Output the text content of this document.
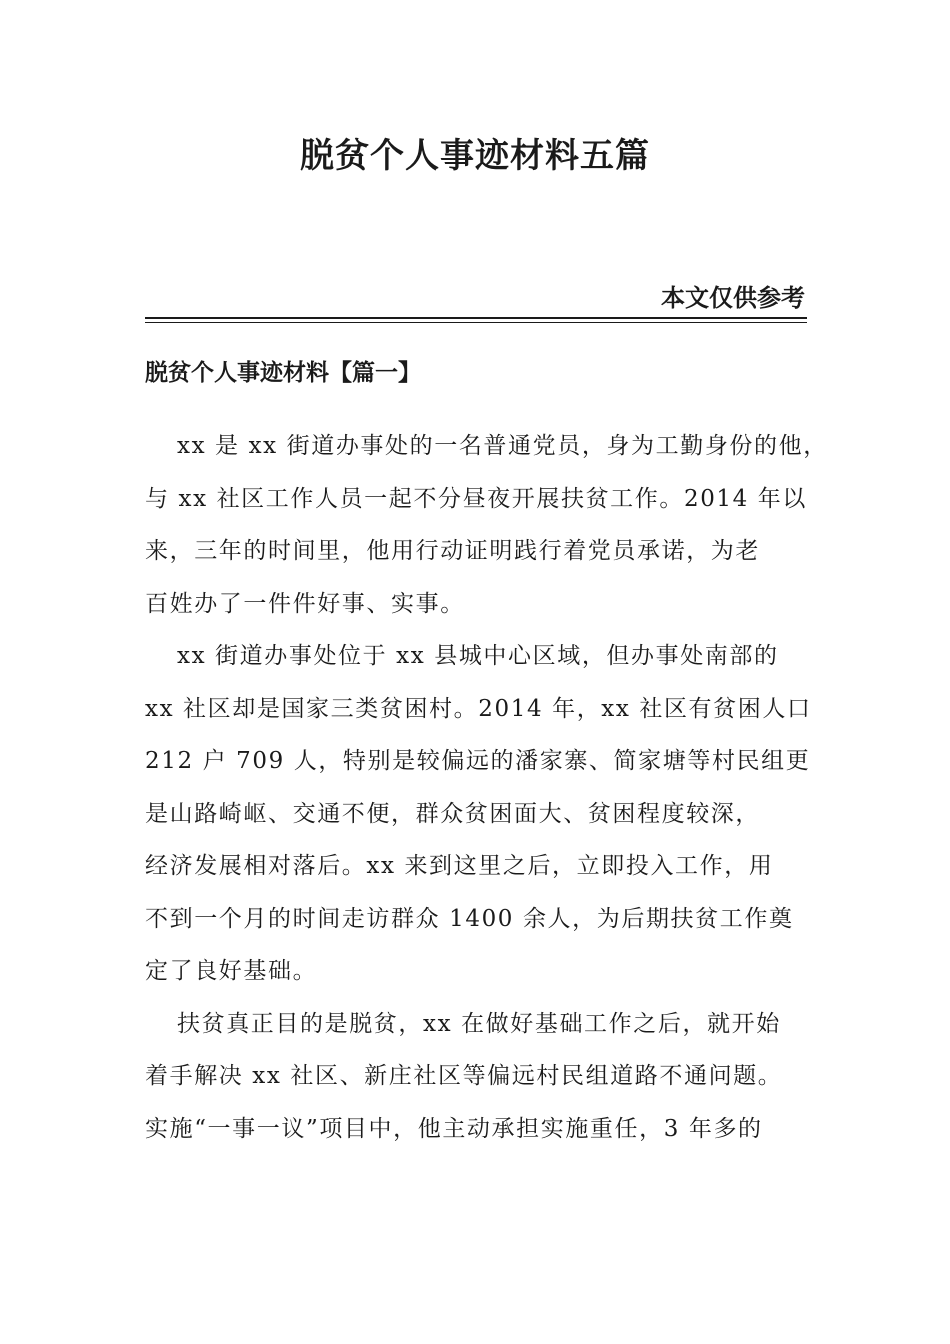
脱贫个人事迹材料五篇
本文仅供参考
脱贫个人事迹材料【篇一】

xx 是 xx 街道办事处的一名普通党员，身为工勤身份的他，
与 xx 社区工作人员一起不分昼夜开展扶贫工作。2014 年以
来，三年的时间里，他用行动证明践行着党员承诺，为老
百姓办了一件件好事、实事。

xx 街道办事处位于 xx 县城中心区域，但办事处南部的
xx 社区却是国家三类贫困村。2014 年，xx 社区有贫困人口
212 户 709 人，特别是较偏远的潘家寨、简家塘等村民组更
是山路崎岖、交通不便，群众贫困面大、贫困程度较深，
经济发展相对落后。xx 来到这里之后，立即投入工作，用
不到一个月的时间走访群众 1400 余人，为后期扶贫工作奠
定了良好基础。

扶贫真正目的是脱贫，xx 在做好基础工作之后，就开始
着手解决 xx 社区、新庄社区等偏远村民组道路不通问题。
实施“一事一议”项目中，他主动承担实施重任，3 年多的
